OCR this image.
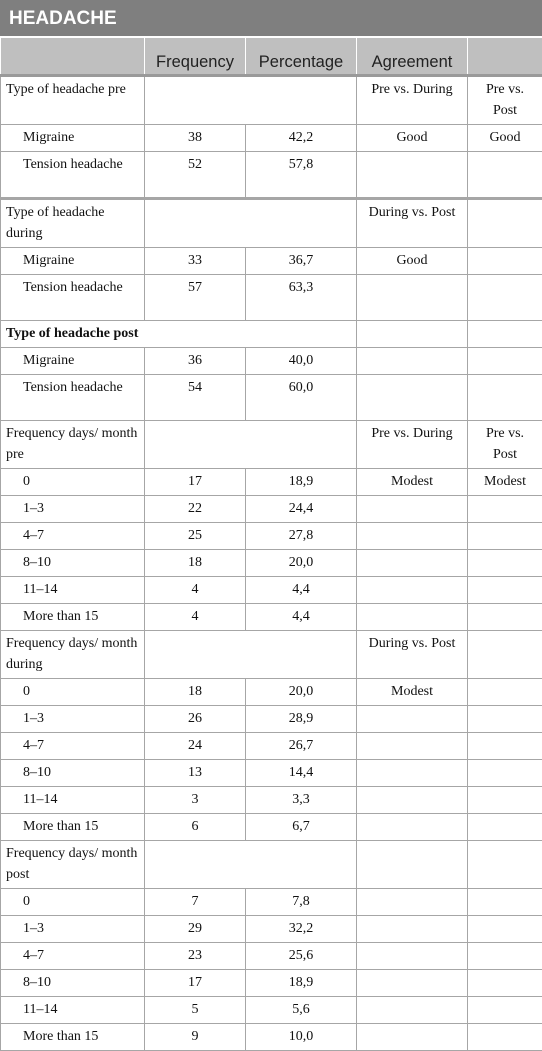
HEADACHE
	Frequency	Percentage	Agreement	
Type of headache pre			Pre vs. During	Pre vs. Post
Migraine	38	42,2	Good	Good
Tension headache	52	57,8		
Type of headache during			During vs. Post	
Migraine	33	36,7	Good	
Tension headache	57	63,3		
Type of headache post				
Migraine	36	40,0		
Tension headache	54	60,0		
Frequency days/ month pre			Pre vs. During	Pre vs. Post
0	17	18,9	Modest	Modest
1–3	22	24,4		
4–7	25	27,8		
8–10	18	20,0		
11–14	4	4,4		
More than 15	4	4,4		
Frequency days/ month during			During vs. Post	
0	18	20,0	Modest	
1–3	26	28,9		
4–7	24	26,7		
8–10	13	14,4		
11–14	3	3,3		
More than 15	6	6,7		
Frequency days/ month post				
0	7	7,8		
1–3	29	32,2		
4–7	23	25,6		
8–10	17	18,9		
11–14	5	5,6		
More than 15	9	10,0		
